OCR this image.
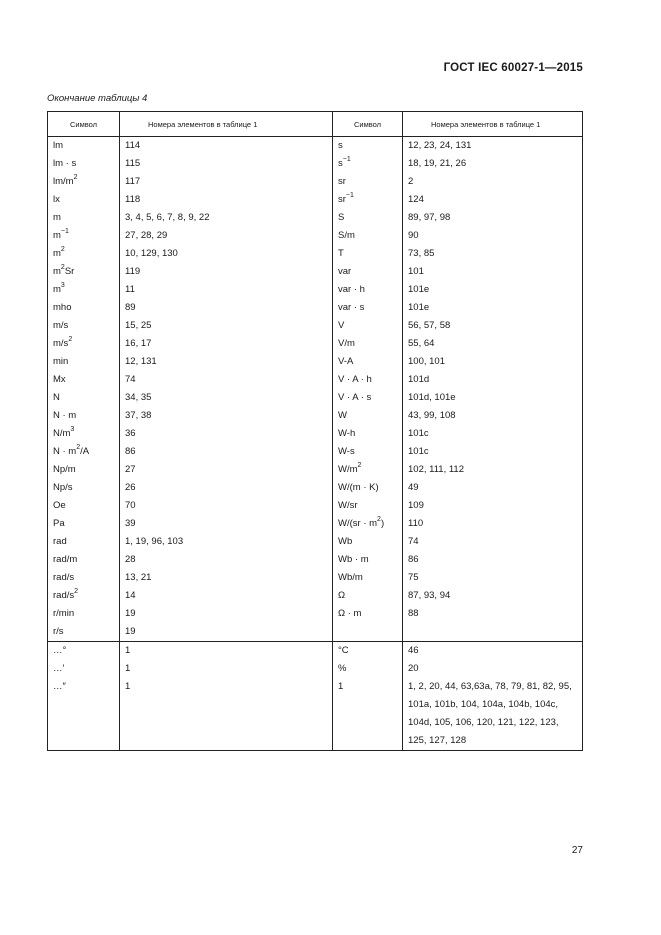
ГОСТ IEC 60027-1—2015
Окончание таблицы 4
Символ	Номера элементов в таблице 1	Символ	Номера элементов в таблице 1
lm	114	s	12, 23, 24, 131
lm · s	115	$s^{-1}$	18, 19, 21, 26
$lm/m^2$	117	sr	2
lx	118	$sr^{-1}$	124
m	3, 4, 5, 6, 7, 8, 9, 22	S	89, 97, 98
$m^{-1}$	27, 28, 29	S/m	90
$m^2$	10, 129, 130	T	73, 85
$m^2Sr$	119	var	101
$m^3$	11	var · h	101e
mho	89	var · s	101e
m/s	15, 25	V	56, 57, 58
$m/s^2$	16, 17	V/m	55, 64
min	12, 131	V-A	100, 101
Mx	74	V · A · h	101d
N	34, 35	V · A · s	101d, 101e
N · m	37, 38	W	43, 99, 108
$N/m^3$	36	W-h	101c
$N \cdot m^2/A$	86	W-s	101c
Np/m	27	$W/m^2$	102, 111, 112
Np/s	26	W/(m · K)	49
Oe	70	W/sr	109
Pa	39	$W/(sr \cdot m^2)$	110
rad	1, 19, 96, 103	Wb	74
rad/m	28	Wb · m	86
rad/s	13, 21	Wb/m	75
rad/$s^2$	14	Ω	87, 93, 94
r/min	19	Ω · m	88
r/s	19		
…°	1	°C	46
…′	1	%	20
…″	1	1	1, 2, 20, 44, 63,63a, 78, 79, 81, 82, 95, 101a, 101b, 104, 104a, 104b, 104c, 104d, 105, 106, 120, 121, 122, 123, 125, 127, 128
27
